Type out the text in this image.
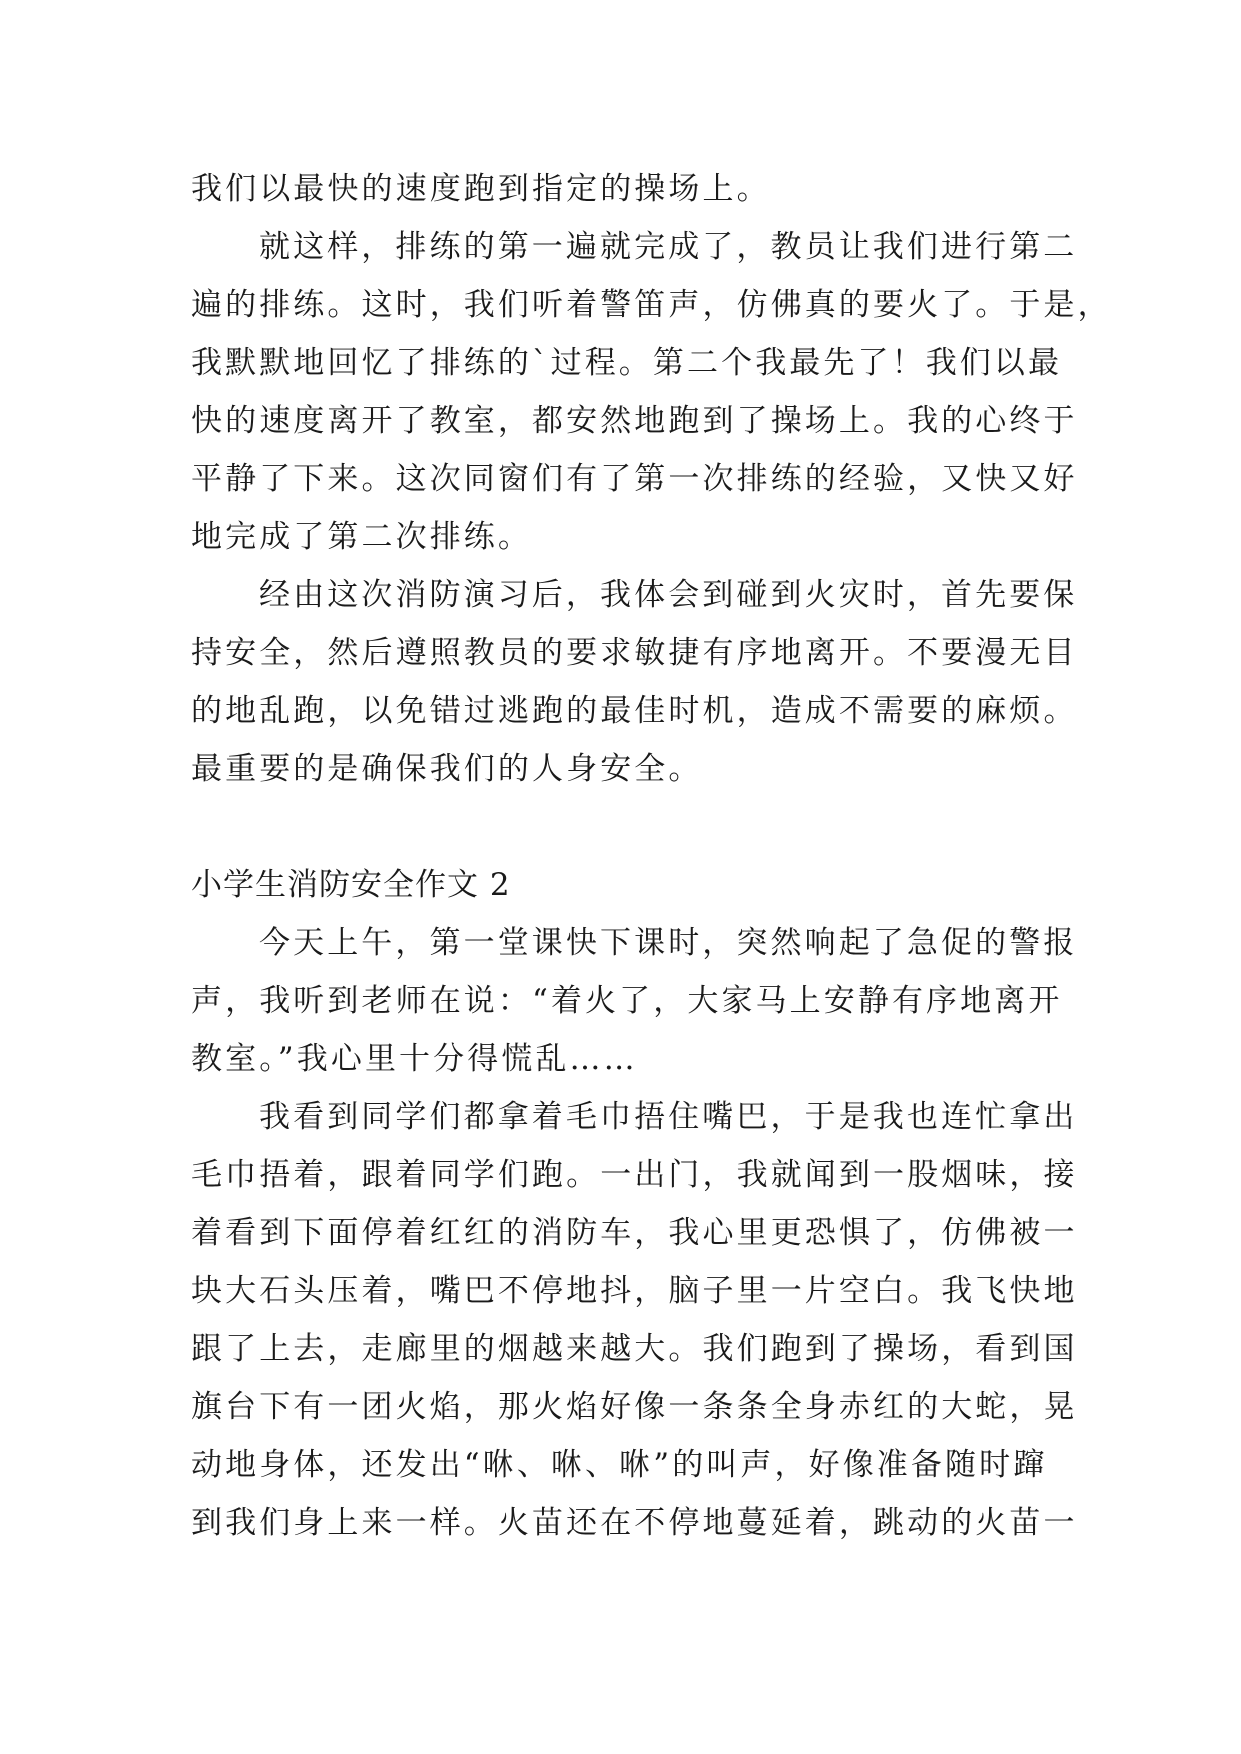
我们以最快的速度跑到指定的操场上。
就这样，排练的第一遍就完成了，教员让我们进行第二
遍的排练。这时，我们听着警笛声，仿佛真的要火了。于是，
我默默地回忆了排练的`过程。第二个我最先了！我们以最
快的速度离开了教室，都安然地跑到了操场上。我的心终于
平静了下来。这次同窗们有了第一次排练的经验，又快又好
地完成了第二次排练。
经由这次消防演习后，我体会到碰到火灾时，首先要保
持安全，然后遵照教员的要求敏捷有序地离开。不要漫无目
的地乱跑，以免错过逃跑的最佳时机，造成不需要的麻烦。
最重要的是确保我们的人身安全。
小学生消防安全作文 2
今天上午，第一堂课快下课时，突然响起了急促的警报
声，我听到老师在说：“着火了，大家马上安静有序地离开
教室。”我心里十分得慌乱……
我看到同学们都拿着毛巾捂住嘴巴，于是我也连忙拿出
毛巾捂着，跟着同学们跑。一出门，我就闻到一股烟味，接
着看到下面停着红红的消防车，我心里更恐惧了，仿佛被一
块大石头压着，嘴巴不停地抖，脑子里一片空白。我飞快地
跟了上去，走廊里的烟越来越大。我们跑到了操场，看到国
旗台下有一团火焰，那火焰好像一条条全身赤红的大蛇，晃
动地身体，还发出“咻、咻、咻”的叫声，好像准备随时蹿
到我们身上来一样。火苗还在不停地蔓延着，跳动的火苗一
